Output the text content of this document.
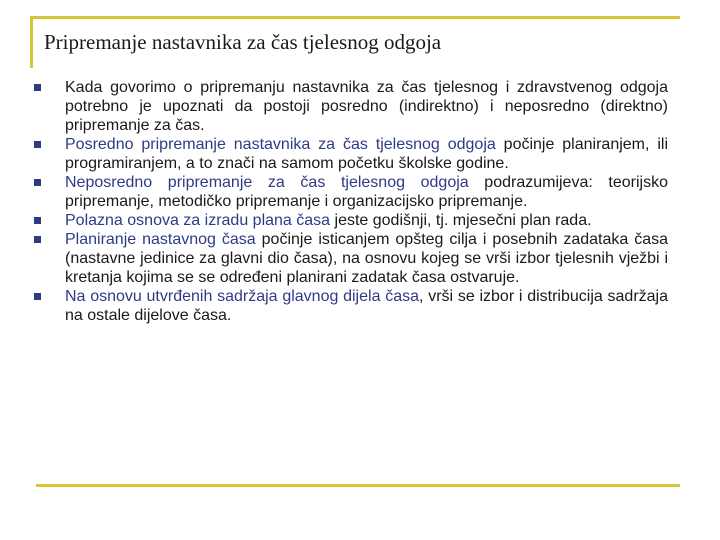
Pripremanje nastavnika za čas tjelesnog odgoja
Kada govorimo o pripremanju nastavnika za čas tjelesnog i zdravstvenog odgoja potrebno je upoznati da postoji posredno (indirektno) i neposredno (direktno) pripremanje za čas.
Posredno pripremanje nastavnika za čas tjelesnog odgoja počinje planiranjem, ili programiranjem, a to znači na samom početku školske godine.
Neposredno pripremanje za čas tjelesnog odgoja podrazumijeva: teorijsko pripremanje, metodičko pripremanje i organizacijsko pripremanje.
Polazna osnova za izradu plana časa jeste godišnji, tj. mjesečni plan rada.
Planiranje nastavnog časa počinje isticanjem opšteg cilja i posebnih zadataka časa (nastavne jedinice za glavni dio časa), na osnovu kojeg se vrši izbor tjelesnih vježbi i kretanja kojima se se određeni planirani zadatak časa ostvaruje.
Na osnovu utvrđenih sadržaja glavnog dijela časa, vrši se izbor i distribucija sadržaja na ostale dijelove časa.
